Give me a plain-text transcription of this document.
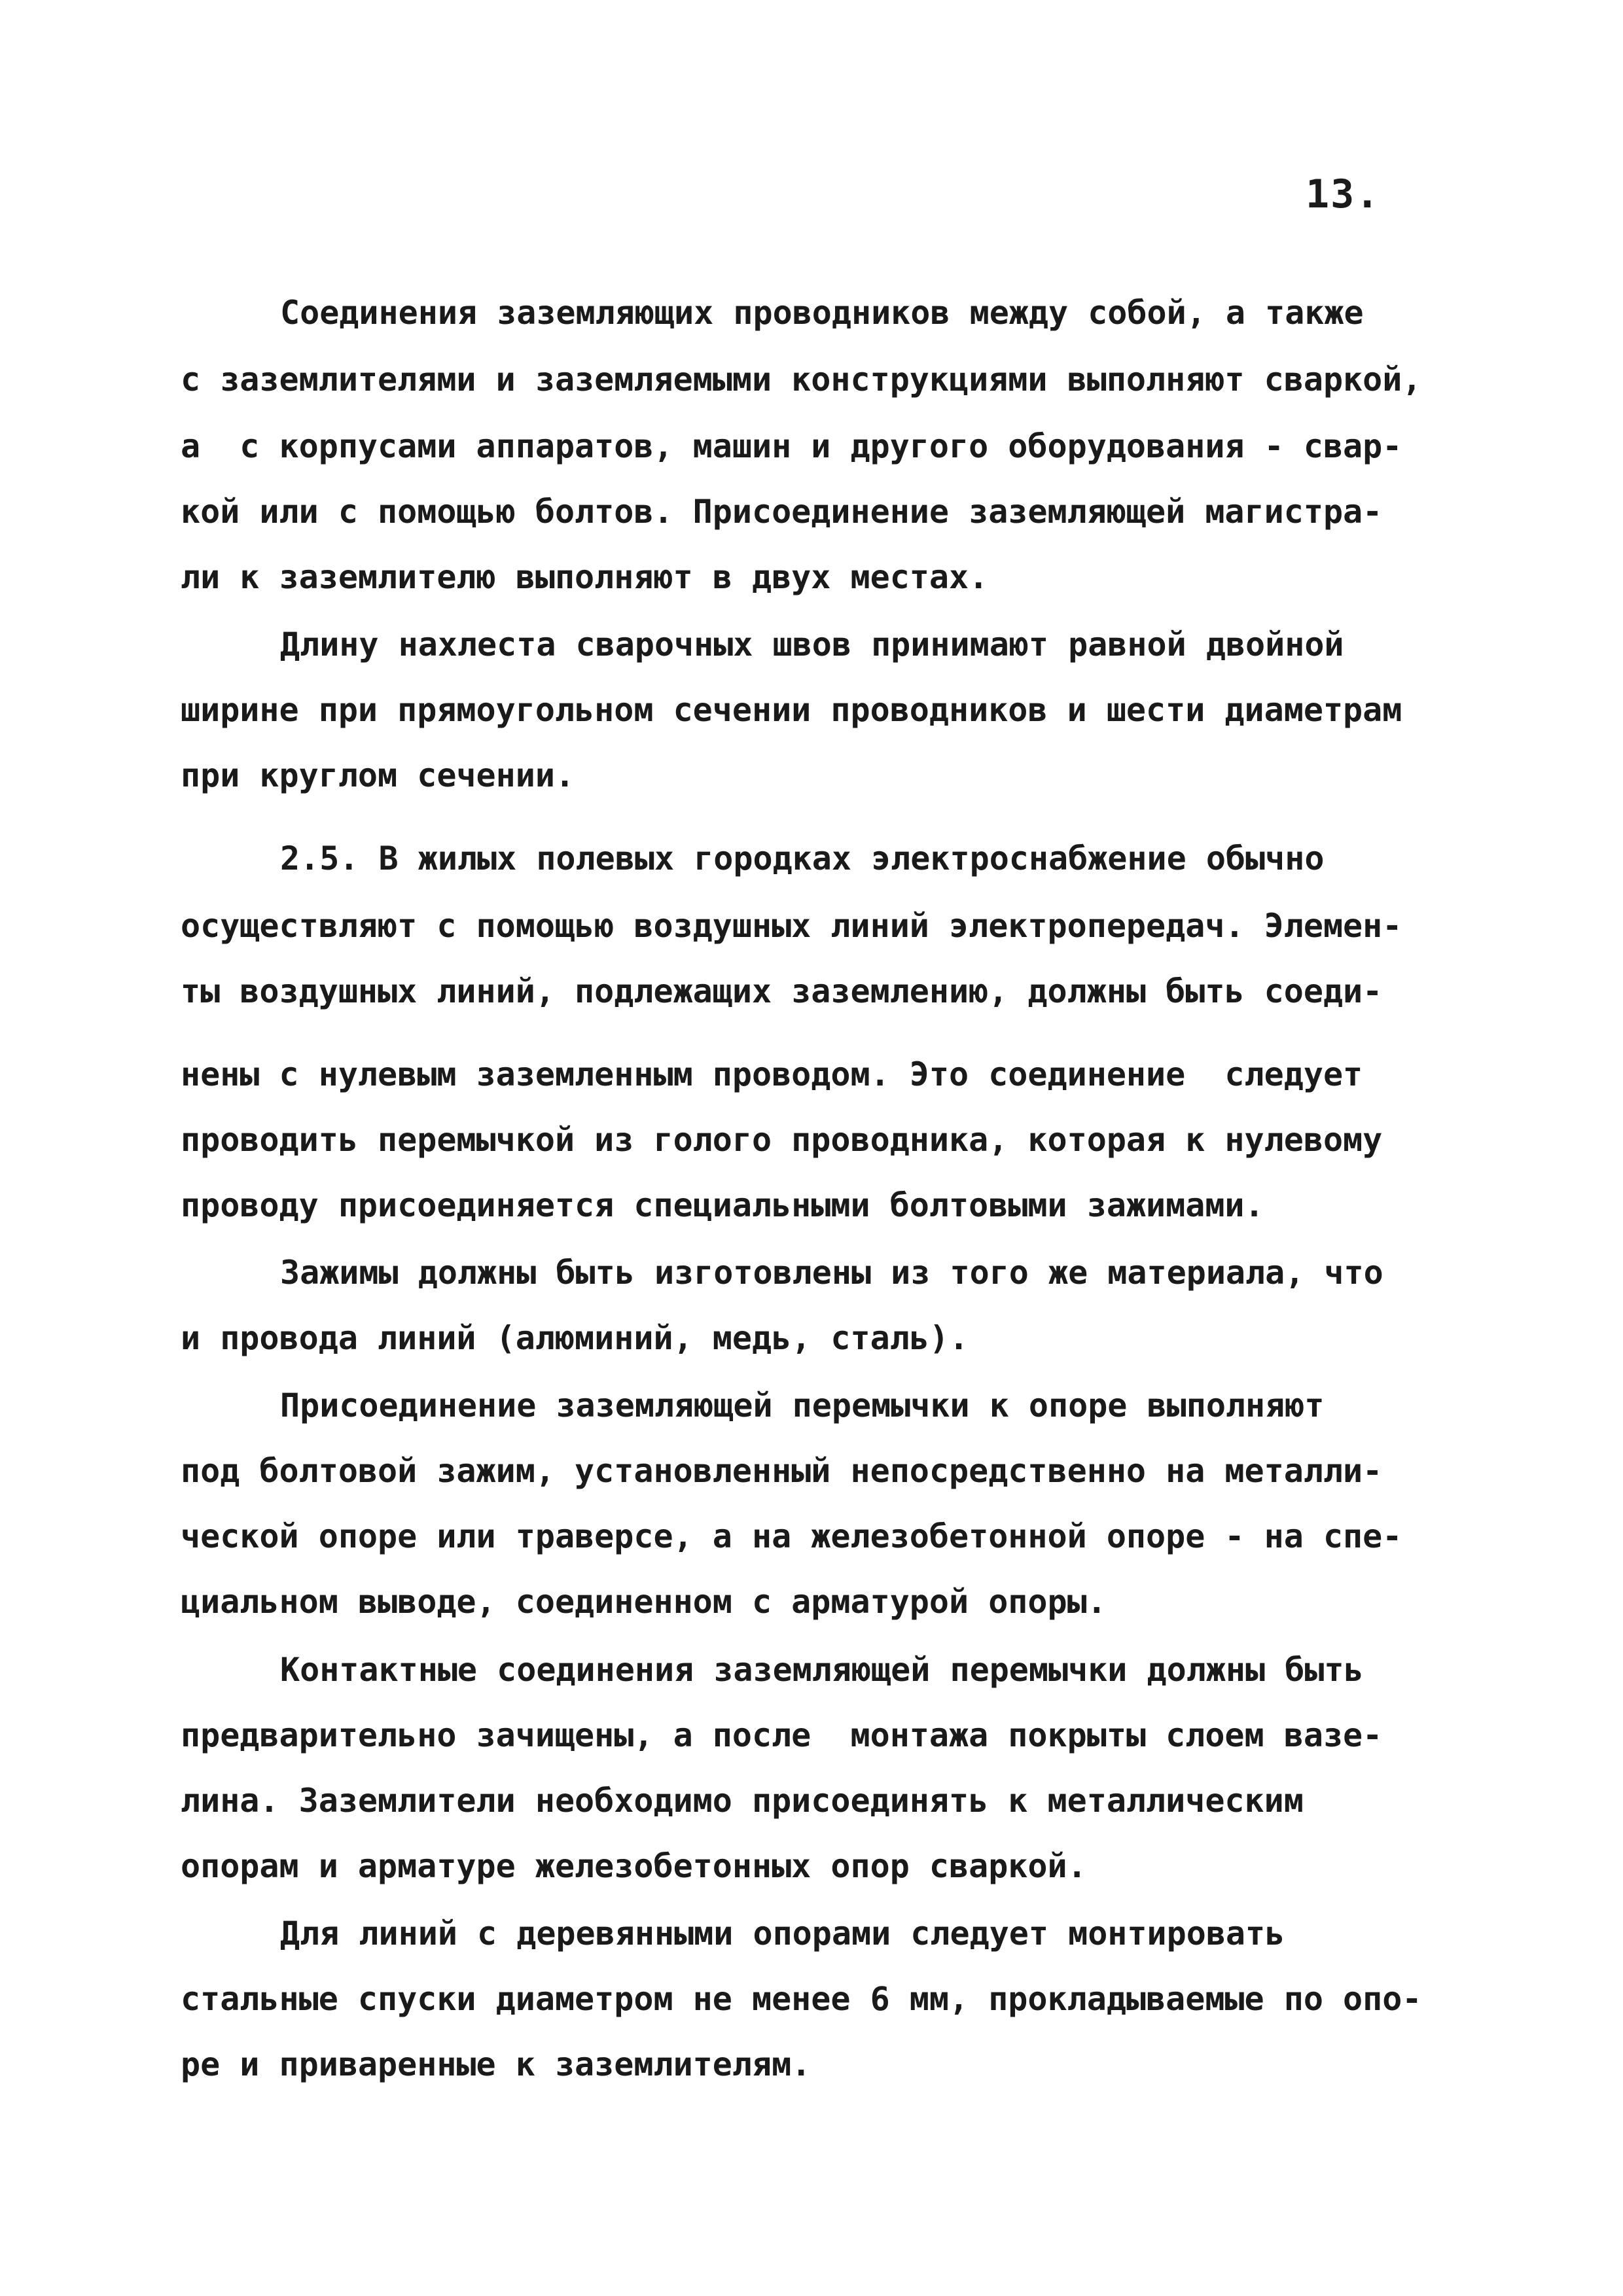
13.
Соединения заземляющих проводников между собой, а также
с заземлителями и заземляемыми конструкциями выполняют сваркой,
а  с корпусами аппаратов, машин и другого оборудования - свар-
кой или с помощью болтов. Присоединение заземляющей магистра-
ли к заземлителю выполняют в двух местах.
Длину нахлеста сварочных швов принимают равной двойной
ширине при прямоугольном сечении проводников и шести диаметрам
при круглом сечении.
2.5. В жилых полевых городках электроснабжение обычно
осуществляют с помощью воздушных линий электропередач. Элемен-
ты воздушных линий, подлежащих заземлению, должны быть соеди-
нены с нулевым заземленным проводом. Это соединение  следует
проводить перемычкой из голого проводника, которая к нулевому
проводу присоединяется специальными болтовыми зажимами.
Зажимы должны быть изготовлены из того же материала, что
и провода линий (алюминий, медь, сталь).
Присоединение заземляющей перемычки к опоре выполняют
под болтовой зажим, установленный непосредственно на металли-
ческой опоре или траверсе, а на железобетонной опоре - на спе-
циальном выводе, соединенном с арматурой опоры.
Контактные соединения заземляющей перемычки должны быть
предварительно зачищены, а после  монтажа покрыты слоем вазе-
лина. Заземлители необходимо присоединять к металлическим
опорам и арматуре железобетонных опор сваркой.
Для линий с деревянными опорами следует монтировать
стальные спуски диаметром не менее 6 мм, прокладываемые по опо-
ре и приваренные к заземлителям.
